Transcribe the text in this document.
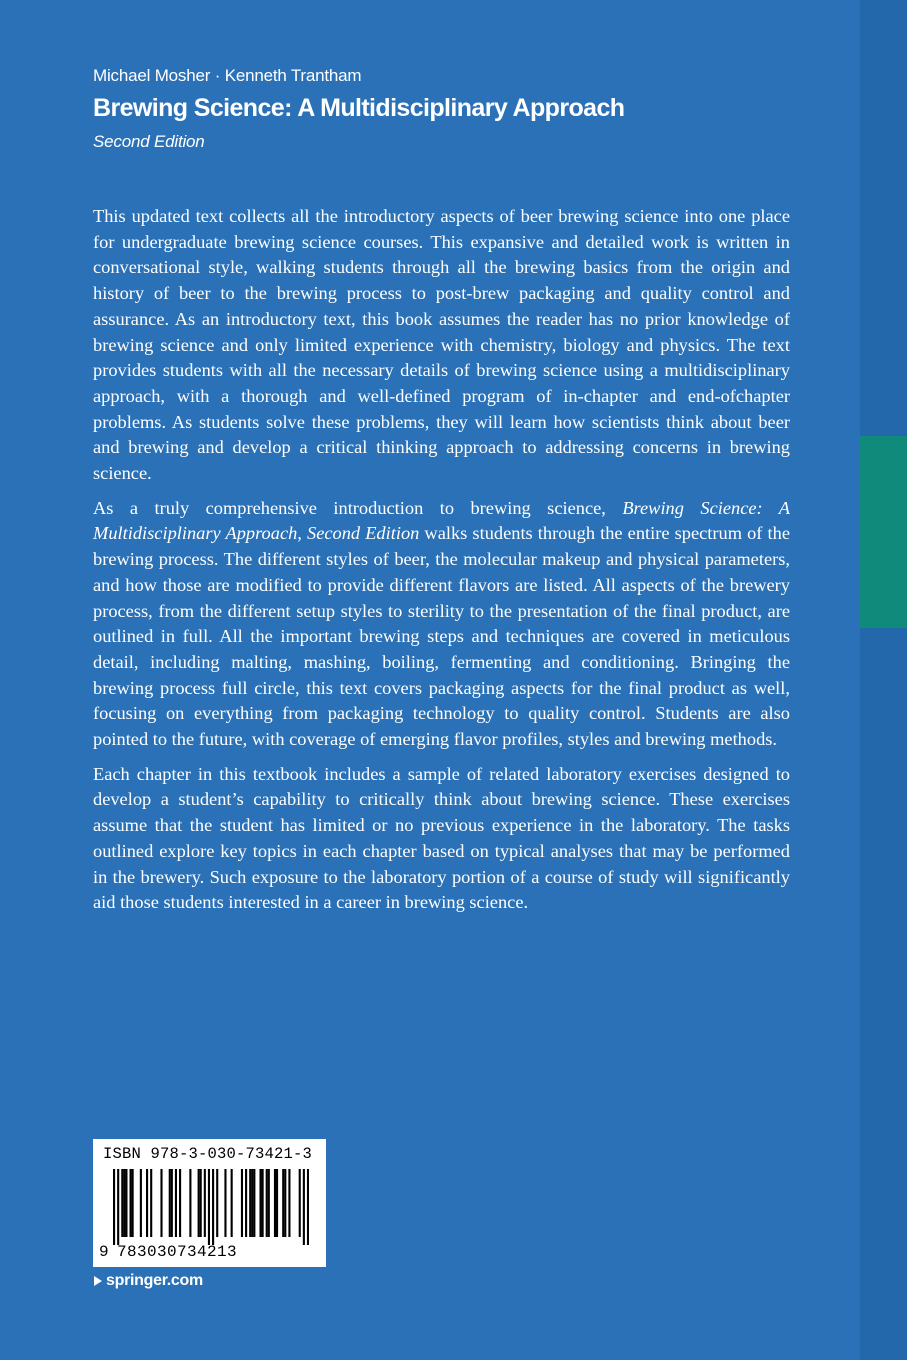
Michael Mosher · Kenneth Trantham
Brewing Science: A Multidisciplinary Approach
Second Edition

This updated text collects all the introductory aspects of beer brewing science into one place for undergraduate brewing science courses. This expansive and detailed work is written in conversational style, walking students through all the brewing basics from the origin and history of beer to the brewing process to post-brew packaging and quality control and assurance. As an introductory text, this book assumes the reader has no prior knowledge of brewing science and only limited experience with chemistry, biology and physics. The text provides students with all the necessary details of brewing science using a multidisciplinary approach, with a thorough and well-defined program of in-chapter and end-ofchapter problems. As students solve these problems, they will learn how scientists think about beer and brewing and develop a critical thinking approach to addressing concerns in brewing science.

As a truly comprehensive introduction to brewing science, Brewing Science: A Multidisciplinary Approach, Second Edition walks students through the entire spectrum of the brewing process. The different styles of beer, the molecular makeup and physical parameters, and how those are modified to provide different flavors are listed. All aspects of the brewery process, from the different setup styles to sterility to the presentation of the final product, are outlined in full. All the important brewing steps and techniques are covered in meticulous detail, including malting, mashing, boiling, fermenting and conditioning. Bringing the brewing process full circle, this text covers packaging aspects for the final product as well, focusing on everything from packaging technology to quality control. Students are also pointed to the future, with coverage of emerging flavor profiles, styles and brewing methods.

Each chapter in this textbook includes a sample of related laboratory exercises designed to develop a student’s capability to critically think about brewing science. These exercises assume that the student has limited or no previous experience in the laboratory. The tasks outlined explore key topics in each chapter based on typical analyses that may be performed in the brewery. Such exposure to the laboratory portion of a course of study will significantly aid those students interested in a career in brewing science.

ISBN 978-3-030-73421-3
9 783030734213
springer.com
